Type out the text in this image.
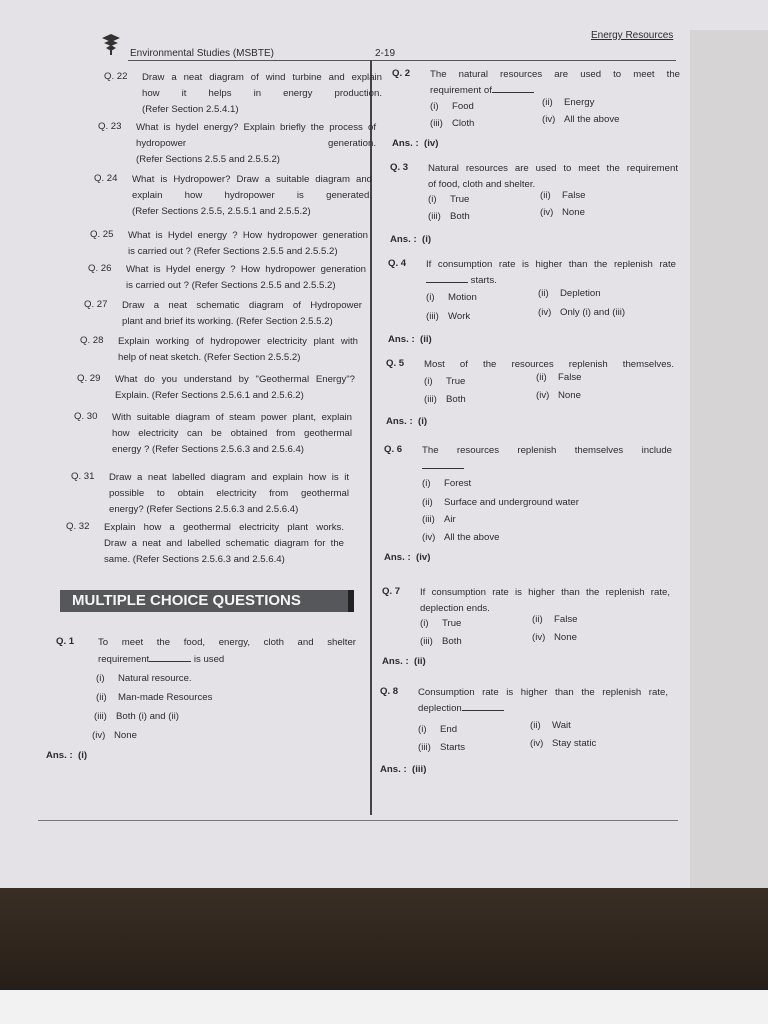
Environmental Studies (MSBTE)	2-19
Energy Resources
Q. 22 Draw a neat diagram of wind turbine and explain
how it helps in energy production.
(Refer Section 2.5.4.1)
Q. 23 What is hydel energy? Explain briefly the process of
hydropower generation.
(Refer Sections 2.5.5 and 2.5.5.2)
Q. 24 What is Hydropower? Draw a suitable diagram and
explain how hydropower is generated.
(Refer Sections 2.5.5, 2.5.5.1 and 2.5.5.2)
Q. 25 What is Hydel energy ? How hydropower generation
is carried out ? (Refer Sections 2.5.5 and 2.5.5.2)
Q. 26 What is Hydel energy ? How hydropower generation
is carried out ? (Refer Sections 2.5.5 and 2.5.5.2)
Q. 27 Draw a neat schematic diagram of Hydropower
plant and brief its working. (Refer Section 2.5.5.2)
Q. 28 Explain working of hydropower electricity plant with
help of neat sketch. (Refer Section 2.5.5.2)
Q. 29 What do you understand by "Geothermal Energy"?
Explain. (Refer Sections 2.5.6.1 and 2.5.6.2)
Q. 30 With suitable diagram of steam power plant, explain
how electricity can be obtained from geothermal
energy ? (Refer Sections 2.5.6.3 and 2.5.6.4)
Q. 31 Draw a neat labelled diagram and explain how is it
possible to obtain electricity from geothermal
energy? (Refer Sections 2.5.6.3 and 2.5.6.4)
Q. 32 Explain how a geothermal electricity plant works.
Draw a neat and labelled schematic diagram for the
same. (Refer Sections 2.5.6.3 and 2.5.6.4)
MULTIPLE CHOICE QUESTIONS
Q. 1 To meet the food, energy, cloth and shelter
requirement	is used
(i) Natural resource.
(ii) Man-made Resources
(iii) Both (i) and (ii)
(iv) None
Ans. : (i)
Q. 2 The natural resources are used to meet the
requirement of
(i) Food	(ii) Energy
(iii) Cloth	(iv) All the above
Ans. : (iv)
Q. 3 Natural resources are used to meet the requirement
of food, cloth and shelter.
(i) True	(ii) False
(iii) Both	(iv) None
Ans. : (i)
Q. 4 If consumption rate is higher than the replenish rate
starts.
(i) Motion	(ii) Depletion
(iii) Work	(iv) Only (i) and (iii)
Ans. : (ii)
Q. 5 Most of the resources replenish themselves.
(i) True	(ii) False
(iii) Both	(iv) None
Ans. : (i)
Q. 6 The resources replenish themselves include
(i) Forest
(ii) Surface and underground water
(iii) Air
(iv) All the above
Ans. : (iv)
Q. 7 If consumption rate is higher than the replenish rate,
deplection ends.
(i) True	(ii) False
(iii) Both	(iv) None
Ans. : (ii)
Q. 8 Consumption rate is higher than the replenish rate,
deplection
(i) End	(ii) Wait
(iii) Starts	(iv) Stay static
Ans. : (iii)
